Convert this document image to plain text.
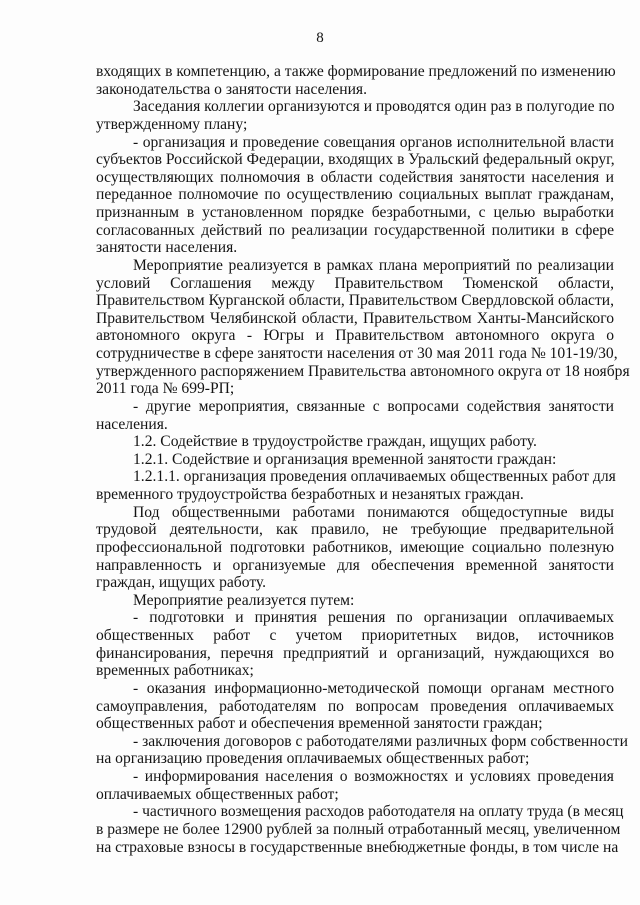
8
входящих в компетенцию, а также формирование предложений по изменению
законодательства о занятости населения.
Заседания коллегии организуются и проводятся один раз в полугодие по
утвержденному плану;
- организация и проведение совещания органов исполнительной власти
субъектов Российской Федерации, входящих в Уральский федеральный округ,
осуществляющих полномочия в области содействия занятости населения и
переданное полномочие по осуществлению социальных выплат гражданам,
признанным в установленном порядке безработными, с целью выработки
согласованных действий по реализации государственной политики в сфере
занятости населения.
Мероприятие реализуется в рамках плана мероприятий по реализации
условий Соглашения между Правительством Тюменской области,
Правительством Курганской области, Правительством Свердловской области,
Правительством Челябинской области, Правительством Ханты-Мансийского
автономного округа - Югры и Правительством автономного округа о
сотрудничестве в сфере занятости населения от 30 мая 2011 года № 101-19/30,
утвержденного распоряжением Правительства автономного округа от 18 ноября
2011 года № 699-РП;
- другие мероприятия, связанные с вопросами содействия занятости
населения.
1.2. Содействие в трудоустройстве граждан, ищущих работу.
1.2.1. Содействие и организация временной занятости граждан:
1.2.1.1. организация проведения оплачиваемых общественных работ для
временного трудоустройства безработных и незанятых граждан.
Под общественными работами понимаются общедоступные виды
трудовой деятельности, как правило, не требующие предварительной
профессиональной подготовки работников, имеющие социально полезную
направленность и организуемые для обеспечения временной занятости
граждан, ищущих работу.
Мероприятие реализуется путем:
- подготовки и принятия решения по организации оплачиваемых
общественных работ с учетом приоритетных видов, источников
финансирования, перечня предприятий и организаций, нуждающихся во
временных работниках;
- оказания информационно-методической помощи органам местного
самоуправления, работодателям по вопросам проведения оплачиваемых
общественных работ и обеспечения временной занятости граждан;
- заключения договоров с работодателями различных форм собственности
на организацию проведения оплачиваемых общественных работ;
- информирования населения о возможностях и условиях проведения
оплачиваемых общественных работ;
- частичного возмещения расходов работодателя на оплату труда (в месяц
в размере не более 12900 рублей за полный отработанный месяц, увеличенном
на страховые взносы в государственные внебюджетные фонды, в том числе на
